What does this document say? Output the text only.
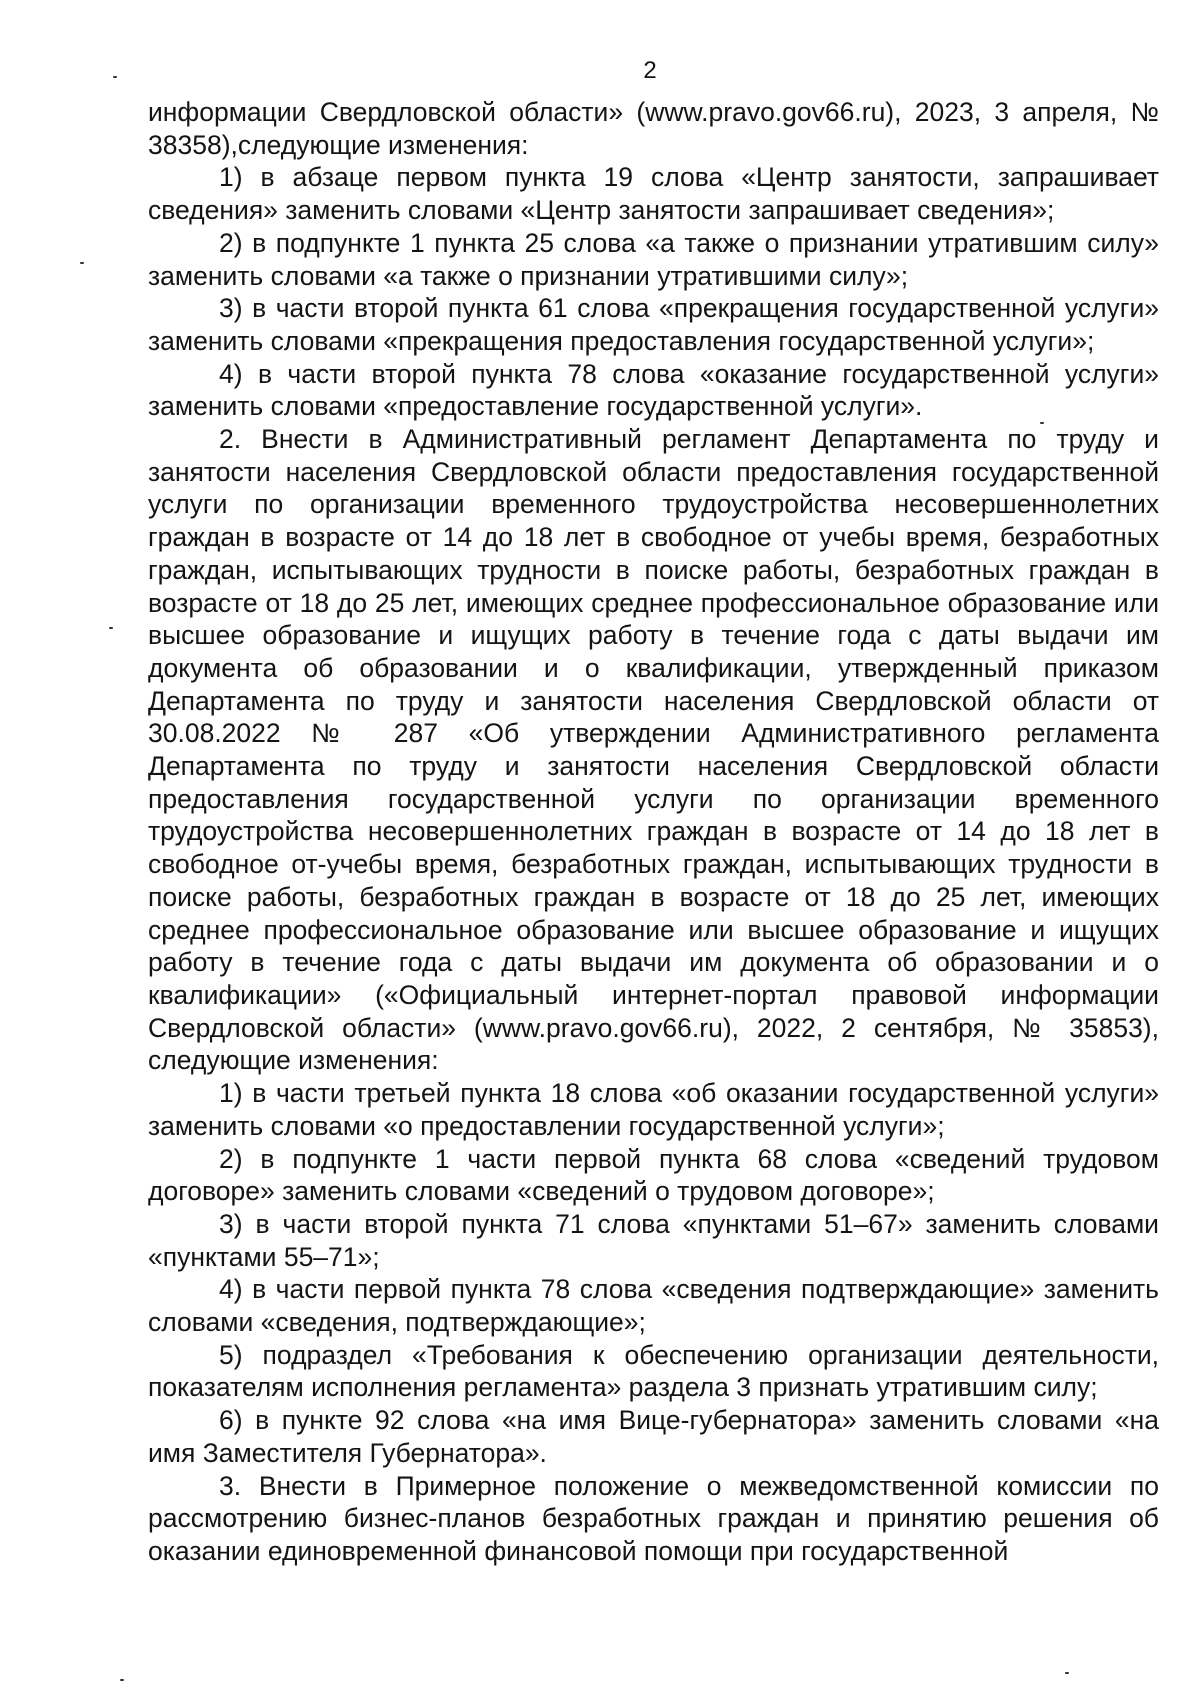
2

информации Свердловской области» (www.pravo.gov66.ru), 2023, 3 апреля, № 38358),следующие изменения:

1) в абзаце первом пункта 19 слова «Центр занятости, запрашивает сведения» заменить словами «Центр занятости запрашивает сведения»;

2) в подпункте 1 пункта 25 слова «а также о признании утратившим силу» заменить словами «а также о признании утратившими силу»;

3) в части второй пункта 61 слова «прекращения государственной услуги» заменить словами «прекращения предоставления государственной услуги»;

4) в части второй пункта 78 слова «оказание государственной услуги» заменить словами «предоставление государственной услуги».

2. Внести в Административный регламент Департамента по труду и занятости населения Свердловской области предоставления государственной услуги по организации временного трудоустройства несовершеннолетних граждан в возрасте от 14 до 18 лет в свободное от учебы время, безработных граждан, испытывающих трудности в поиске работы, безработных граждан в возрасте от 18 до 25 лет, имеющих среднее профессиональное образование или высшее образование и ищущих работу в течение года с даты выдачи им документа об образовании и о квалификации, утвержденный приказом Департамента по труду и занятости населения Свердловской области от 30.08.2022 № 287 «Об утверждении Административного регламента Департамента по труду и занятости населения Свердловской области предоставления государственной услуги по организации временного трудоустройства несовершеннолетних граждан в возрасте от 14 до 18 лет в свободное от-учебы время, безработных граждан, испытывающих трудности в поиске работы, безработных граждан в возрасте от 18 до 25 лет, имеющих среднее профессиональное образование или высшее образование и ищущих работу в течение года с даты выдачи им документа об образовании и о квалификации» («Официальный интернет-портал правовой информации Свердловской области» (www.pravo.gov66.ru), 2022, 2 сентября, № 35853), следующие изменения:

1) в части третьей пункта 18 слова «об оказании государственной услуги» заменить словами «о предоставлении государственной услуги»;

2) в подпункте 1 части первой пункта 68 слова «сведений трудовом договоре» заменить словами «сведений о трудовом договоре»;

3) в части второй пункта 71 слова «пунктами 51–67» заменить словами «пунктами 55–71»;

4) в части первой пункта 78 слова «сведения подтверждающие» заменить словами «сведения, подтверждающие»;

5) подраздел «Требования к обеспечению организации деятельности, показателям исполнения регламента» раздела 3 признать утратившим силу;

6) в пункте 92 слова «на имя Вице-губернатора» заменить словами «на имя Заместителя Губернатора».

3. Внести в Примерное положение о межведомственной комиссии по рассмотрению бизнес-планов безработных граждан и принятию решения об оказании единовременной финансовой помощи при государственной
